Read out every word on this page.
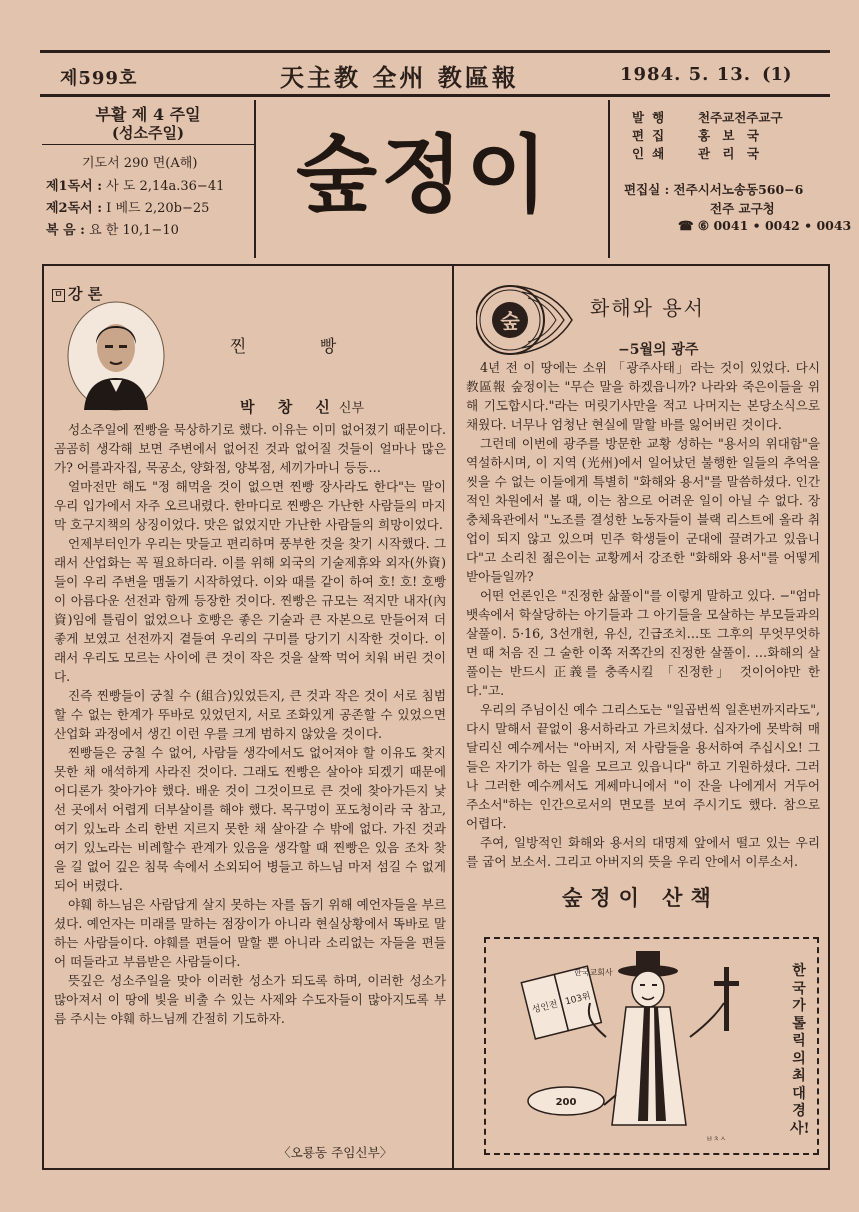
제599호	天主教 全州 教區報	1984. 5. 13. (1)
부활 제 4 주일
(성소주일)
기도서 290 면(A해)
제1독서 : 사 도 2,14a.36−41
제2독서 : I 베드 2,20b−25
복 음 : 요 한 10,1−10
숲정이
발행 천주교전주교구
편집 홍 보 국
인쇄 관 리 국
편집실 : 전주시서노송동560−6
전주 교구청
☎ ⑥ 0041 • 0042 • 0043
ㅁ 강 론
찐 빵
박 창 신신부

성소주일에 찐빵을 묵상하기로 했다. 이유는 이미 없어졌기 때문이다. 곰곰히 생각해 보면 주변에서 없어진 것과 없어질 것들이 얼마나 많은가? 어를과자집, 묵공소, 양화점, 양복점, 세끼가마니 등등…

얼마전만 해도 "정 해먹을 것이 없으면 찐빵 장사라도 한다"는 말이 우리 입가에서 자주 오르내렸다. 한마디로 찐빵은 가난한 사람들의 마지막 호구지책의 상징이었다. 맛은 없었지만 가난한 사람들의 희망이었다.

언제부터인가 우리는 맛들고 편리하며 풍부한 것을 찾기 시작했다. 그래서 산업화는 꼭 필요하더라. 이를 위해 외국의 기술제휴와 외자(外資)들이 우리 주변을 맴돌기 시작하였다. 이와 때를 같이 하여 호! 호! 호빵이 아름다운 선전과 함께 등장한 것이다. 찐빵은 규모는 적지만 내자(內資)임에 틀림이 없었으나 호빵은 좋은 기술과 큰 자본으로 만들어져 더 좋게 보였고 선전까지 곁들여 우리의 구미를 당기기 시작한 것이다. 이래서 우리도 모르는 사이에 큰 것이 작은 것을 살짝 먹어 치워 버린 것이다.

진즉 찐빵들이 궁칠 수 (組合)있었든지, 큰 것과 작은 것이 서로 침범할 수 없는 한계가 뚜바로 있었던지, 서로 조화있게 공존할 수 있었으면 산업화 과정에서 생긴 이런 우를 크게 범하지 않았을 것이다.

찐빵들은 궁칠 수 없어, 사람들 생각에서도 없어져야 할 이유도 찾지 못한 채 애석하게 사라진 것이다. 그래도 찐빵은 살아야 되겠기 때문에 어디론가 찾아가야 했다. 배운 것이 그것이므로 큰 것에 찾아가든지 낯선 곳에서 어렵게 더부살이를 해야 했다. 목구멍이 포도청이라 국 참고, 여기 있노라 소리 한번 지르지 못한 채 살아갈 수 밖에 없다. 가진 것과 여기 있노라는 비례할수 관계가 있음을 생각할 때 찐빵은 있음 조차 찾을 길 없어 깊은 침묵 속에서 소외되어 병들고 하느님 마저 섬길 수 없게 되어 버렸다.

야훼 하느님은 사람답게 살지 못하는 자를 돕기 위해 예언자들을 부르셨다. 예언자는 미래를 말하는 점장이가 아니라 현실상황에서 똑바로 말하는 사람들이다. 야훼를 편들어 말할 뿐 아니라 소리없는 자들을 편들어 떠들라고 부름받은 사람들이다.

뜻깊은 성소주일을 맞아 이러한 성소가 되도록 하며, 이러한 성소가 많아져서 이 땅에 빛을 비출 수 있는 사제와 수도자들이 많아지도록 부름 주시는 야훼 하느님께 간절히 기도하자.

〈오룡동 주임신부〉
숲
화해와 용서
−5월의 광주

4년 전 이 땅에는 소위 「광주사태」라는 것이 있었다. 다시 教區報 숲정이는 "무슨 말을 하겠읍니까? 나라와 죽은이들을 위해 기도합시다."라는 머릿기사만을 적고 나머지는 본당소식으로 채웠다. 너무나 엄청난 현실에 말할 바를 잃어버린 것이다.

그런데 이번에 광주를 방문한 교황 성하는 "용서의 위대함"을 역설하시며, 이 지역 (光州)에서 일어났던 불행한 일들의 추억을 씻을 수 없는 이들에게 특별히 "화해와 용서"를 말씀하셨다. 인간적인 차원에서 볼 때, 이는 참으로 어려운 일이 아닐 수 없다. 장충체육관에서 "노조를 결성한 노동자들이 블랙 리스트에 올라 취업이 되지 않고 있으며 민주 학생들이 군대에 끌려가고 있읍니다"고 소리친 젊은이는 교황께서 강조한 "화해와 용서"를 어떻게 받아들일까?

어떤 언론인은 "진정한 삶풀이"를 이렇게 말하고 있다. −"엄마 뱃속에서 학살당하는 아기들과 그 아기들을 모살하는 부모들과의 살풀이. 5·16, 3선개헌, 유신, 긴급조치…또 그후의 무엇무엇하면 때 처음 진 그 술한 이쪽 저쪽간의 진정한 살풀이. …화해의 살풀이는 반드시 正義를 충족시킬 「진정한」 것이어야만 한다."고.

우리의 주님이신 예수 그리스도는 "일곱번씩 일흔번까지라도", 다시 말해서 끝없이 용서하라고 가르치셨다. 십자가에 못박혀 매달리신 예수께서는 "아버지, 저 사람들을 용서하여 주십시오! 그들은 자기가 하는 일을 모르고 있읍니다" 하고 기원하셨다. 그러나 그러한 예수께서도 게쎄마니에서 "이 잔을 나에게서 거두어 주소서"하는 인간으로서의 면모를 보여 주시기도 했다. 참으로 어렵다.

주여, 일방적인 화해와 용서의 대명제 앞에서 떨고 있는 우리를 굽어 보소서. 그리고 아버지의 뜻을 우리 안에서 이루소서.

숲정이 산책
성인전
103위
한국교회사
200
ㅂㅊㅅ
한국가톨릭의최대경사!
